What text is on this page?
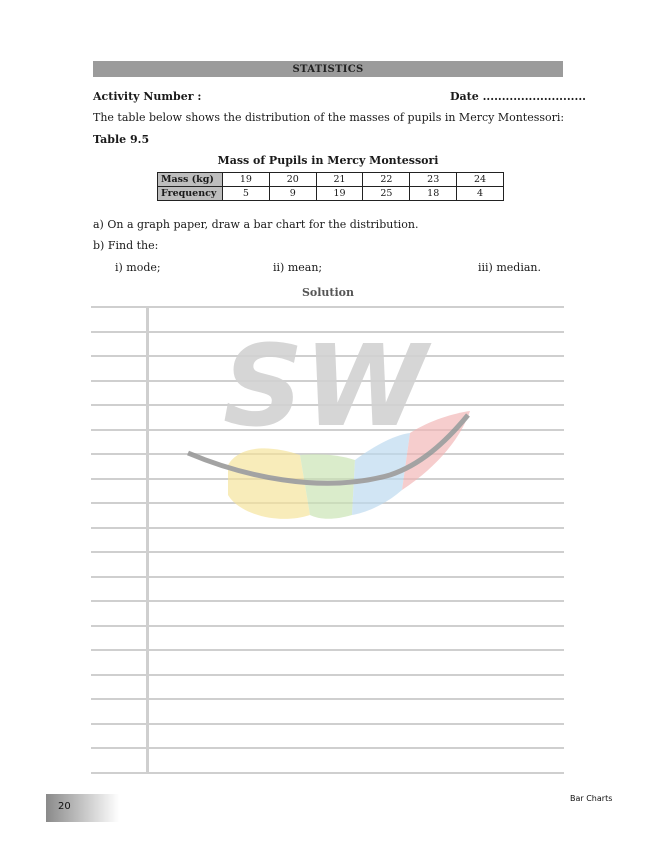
STATISTICS
Activity Number :	Date ...........................
The table below shows the distribution of the masses of pupils in Mercy Montessori:
Table 9.5
Mass of Pupils in Mercy Montessori
Mass (kg)	19	20	21	22	23	24
Frequency	5	9	19	25	18	4
a) On a graph paper, draw a bar chart for the distribution.
b) Find the:
i) mode;	ii) mean;	iii) median.
Solution
SW
20
Bar Charts
